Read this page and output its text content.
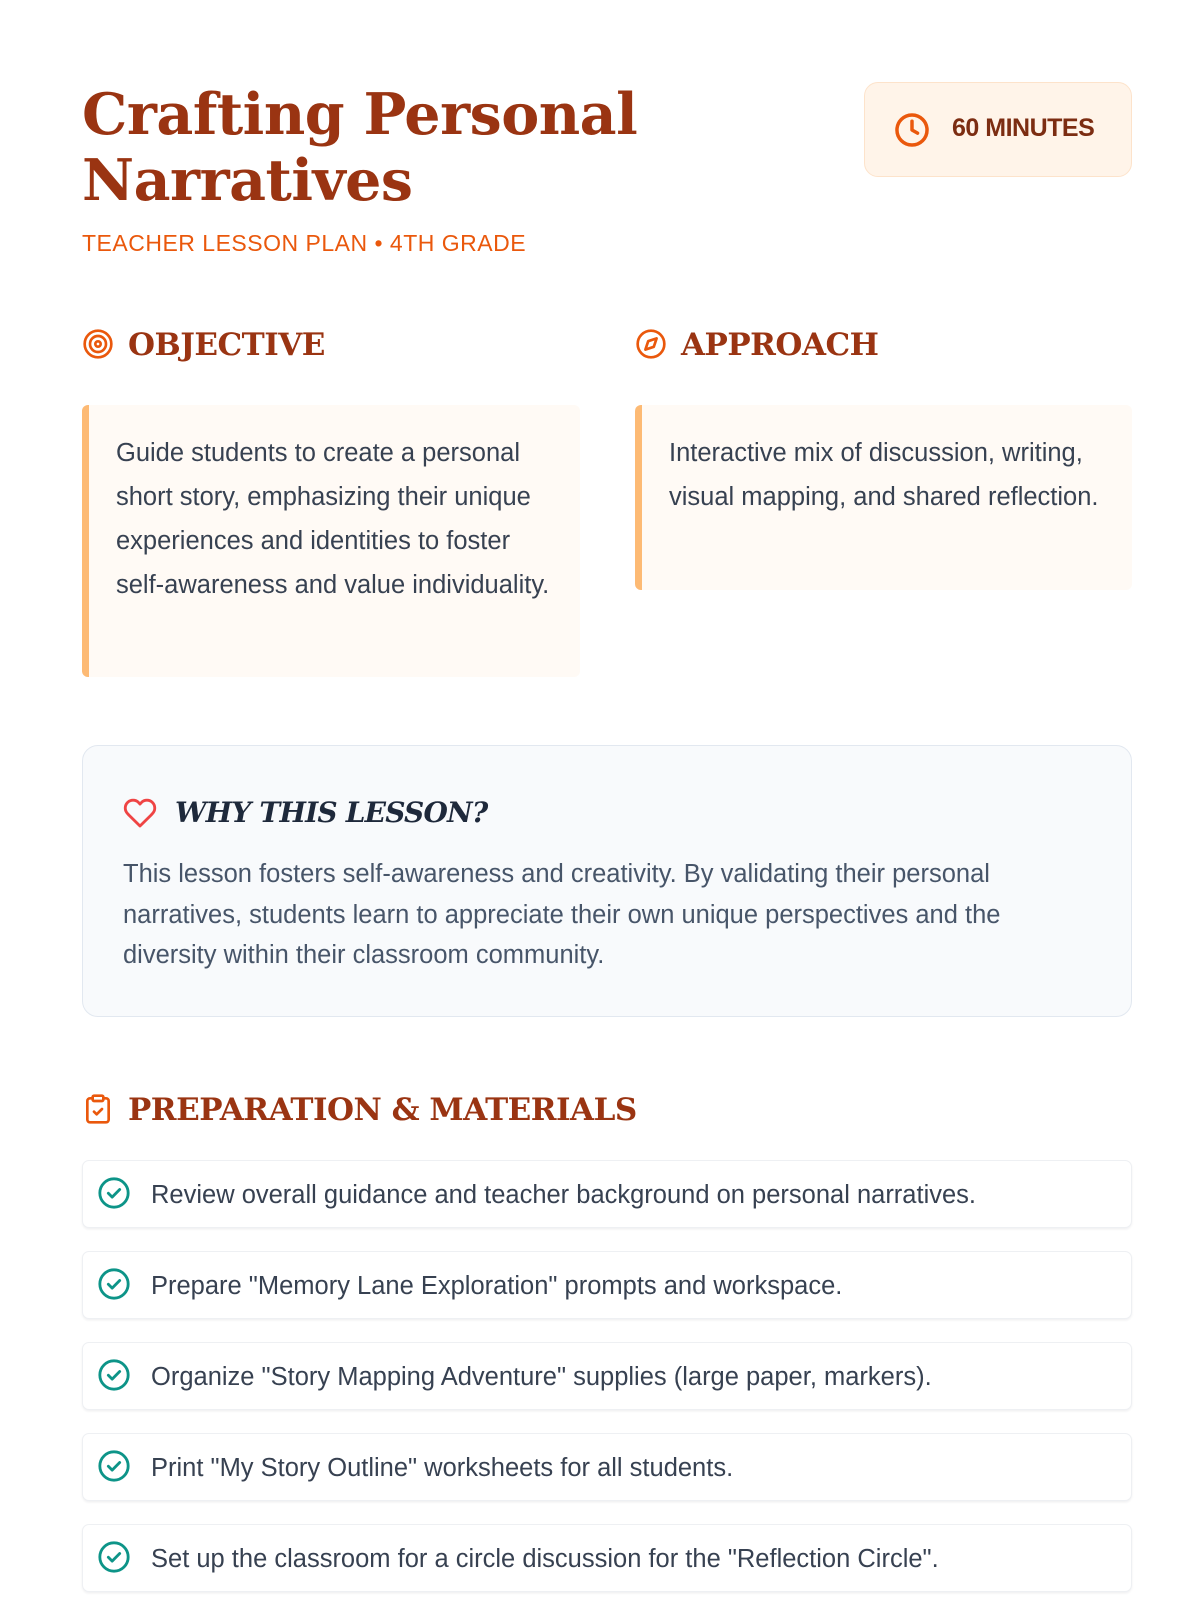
Crafting Personal Narratives
TEACHER LESSON PLAN • 4TH GRADE
60 MINUTES
OBJECTIVE	APPROACH
Guide students to create a personal short story, emphasizing their unique experiences and identities to foster self-awareness and value individuality.
Interactive mix of discussion, writing, visual mapping, and shared reflection.
WHY THIS LESSON?
This lesson fosters self-awareness and creativity. By validating their personal narratives, students learn to appreciate their own unique perspectives and the diversity within their classroom community.
PREPARATION & MATERIALS
Review overall guidance and teacher background on personal narratives.
Prepare "Memory Lane Exploration" prompts and workspace.
Organize "Story Mapping Adventure" supplies (large paper, markers).
Print "My Story Outline" worksheets for all students.
Set up the classroom for a circle discussion for the "Reflection Circle".
